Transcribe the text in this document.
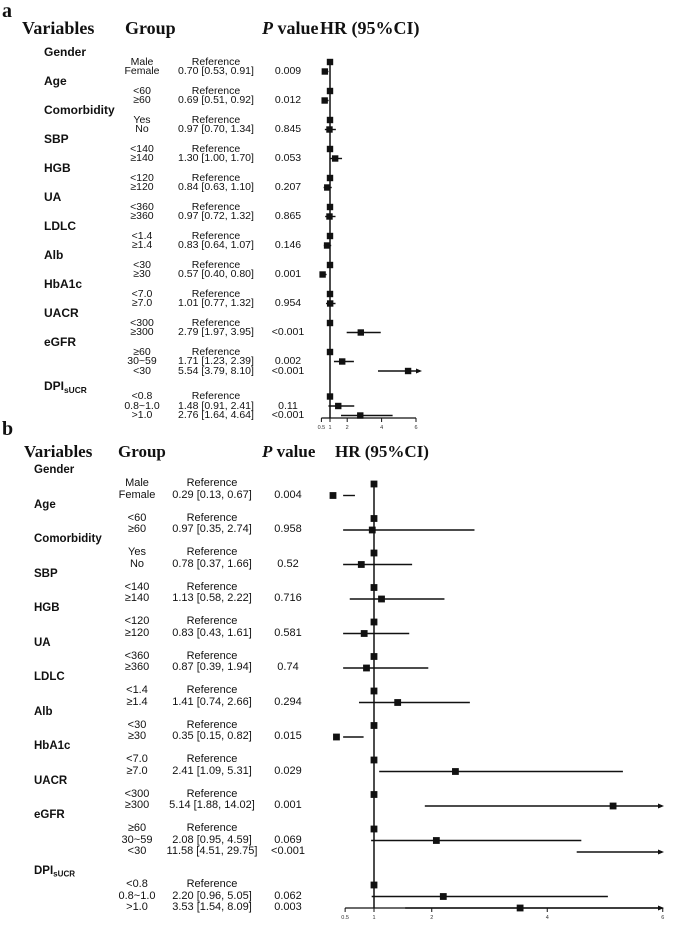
a
b
Variables Group	P value HR (95%CI)
Gender
Male	Reference
Female 0.70 [0.53, 0.91] 0.009
Age
<60	Reference
≥60	0.69 [0.51, 0.92] 0.012
Comorbidity
Yes	Reference
No	0.97 [0.70, 1.34] 0.845
SBP
<140	Reference
≥140 1.30 [1.00, 1.70] 0.053
HGB
<120	Reference
≥120 0.84 [0.63, 1.10] 0.207
UA
<360	Reference
≥360 0.97 [0.72, 1.32] 0.865
LDLC
<1.4	Reference
≥1.4 0.83 [0.64, 1.07] 0.146
Alb
<30	Reference
≥30	0.57 [0.40, 0.80] 0.001
HbA1c
<7.0	Reference
≥7.0 1.01 [0.77, 1.32] 0.954
UACR
<300	Reference
≥300 2.79 [1.97, 3.95] <0.001
eGFR
≥60	Reference
30~59 1.71 [1.23, 2.39] 0.002
<30	5.54 [3.79, 8.10] <0.001
$DPI_{sUCR}$	<0.8	Reference
0.8~1.0 1.48 [0.91, 2.41] 0.11
>1.0 2.76 [1.64, 4.64] <0.001
0.5 1	2	4	6
Variables Group	P value HR (95%CI)
Gender
Male	Reference
Female 0.29 [0.13, 0.67] 0.004
Age
<60	Reference
≥60 0.97 [0.35, 2.74] 0.958
Comorbidity
Yes	Reference
No	0.78 [0.37, 1.66] 0.52
SBP
<140	Reference
≥140 1.13 [0.58, 2.22] 0.716
HGB
<120	Reference
≥120 0.83 [0.43, 1.61] 0.581
UA
<360	Reference
≥360 0.87 [0.39, 1.94] 0.74
LDLC
<1.4	Reference
≥1.4 1.41 [0.74, 2.66] 0.294
Alb
<30	Reference
≥30 0.35 [0.15, 0.82] 0.015
HbA1c
<7.0	Reference
≥7.0 2.41 [1.09, 5.31] 0.029
UACR
<300	Reference
≥300 5.14 [1.88, 14.02] 0.001
eGFR
≥60	Reference
30~59 2.08 [0.95, 4.59] 0.069
<30 11.58 [4.51, 29.75] <0.001
$DPI_{sUCR}$
<0.8	Reference
0.8~1.0 2.20 [0.96, 5.05] 0.062
>1.0 3.53 [1.54, 8.09] 0.003
0.5	1	2	4	6
